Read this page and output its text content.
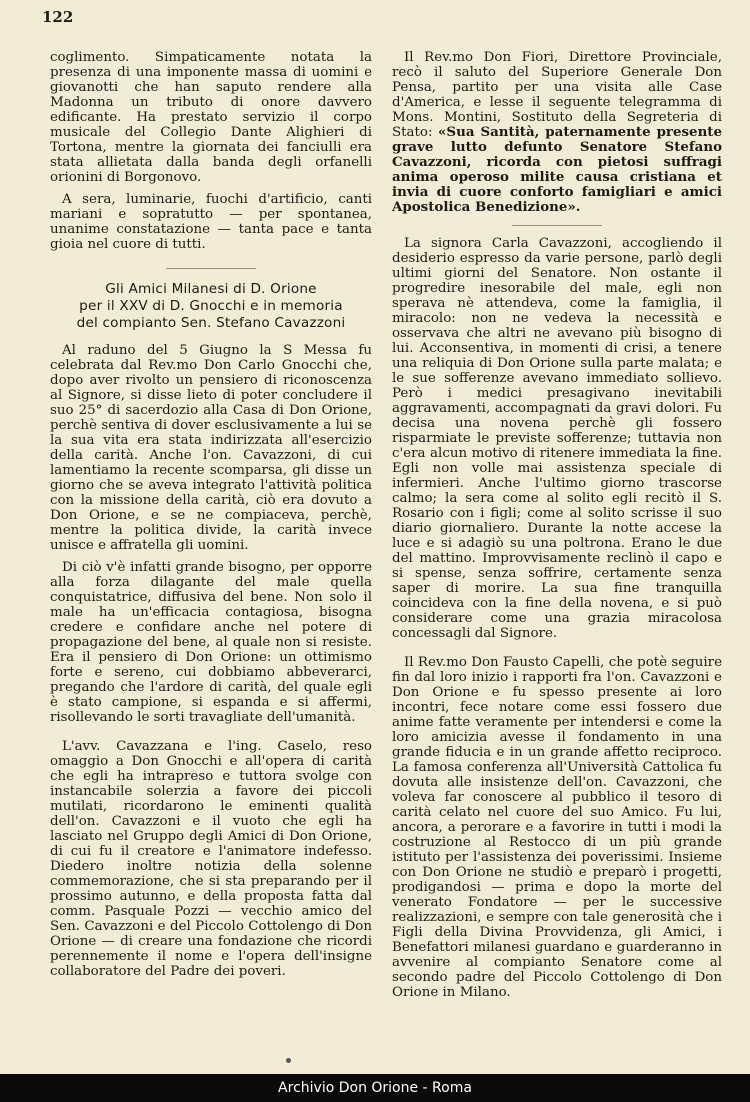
122

coglimento. Simpaticamente notata la presenza di una imponente massa di uomini e giovanotti che han saputo rendere alla Madonna un tributo di onore davvero edificante. Ha prestato servizio il corpo musicale del Collegio Dante Alighieri di Tortona, mentre la giornata dei fanciulli era stata allietata dalla banda degli orfanelli orionini di Borgonovo.

A sera, luminarie, fuochi d'artificio, canti mariani e sopratutto — per spontanea, unanime constatazione — tanta pace e tanta gioia nel cuore di tutti.

Gli Amici Milanesi di D. Orione
per il XXV di D. Gnocchi e in memoria
del compianto Sen. Stefano Cavazzoni

Al raduno del 5 Giugno la S Messa fu celebrata dal Rev.mo Don Carlo Gnocchi che, dopo aver rivolto un pensiero di riconoscenza al Signore, si disse lieto di poter concludere il suo 25° di sacerdozio alla Casa di Don Orione, perchè sentiva di dover esclusivamente a lui se la sua vita era stata indirizzata all'esercizio della carità. Anche l'on. Cavazzoni, di cui lamentiamo la recente scomparsa, gli disse un giorno che se aveva integrato l'attività politica con la missione della carità, ciò era dovuto a Don Orione, e se ne compiaceva, perchè, mentre la politica divide, la carità invece unisce e affratella gli uomini.

Di ciò v'è infatti grande bisogno, per opporre alla forza dilagante del male quella conquistatrice, diffusiva del bene. Non solo il male ha un'efficacia contagiosa, bisogna credere e confidare anche nel potere di propagazione del bene, al quale non si resiste. Era il pensiero di Don Orione: un ottimismo forte e sereno, cui dobbiamo abbeverarci, pregando che l'ardore di carità, del quale egli è stato campione, si espanda e si affermi, risollevando le sorti travagliate dell'umanità.

L'avv. Cavazzana e l'ing. Caselo, reso omaggio a Don Gnocchi e all'opera di carità che egli ha intrapreso e tuttora svolge con instancabile solerzia a favore dei piccoli mutilati, ricordarono le eminenti qualità dell'on. Cavazzoni e il vuoto che egli ha lasciato nel Gruppo degli Amici di Don Orione, di cui fu il creatore e l'animatore indefesso. Diedero inoltre notizia della solenne commemorazione, che si sta preparando per il prossimo autunno, e della proposta fatta dal comm. Pasquale Pozzi — vecchio amico del Sen. Cavazzoni e del Piccolo Cottolengo di Don Orione — di creare una fondazione che ricordi perennemente il nome e l'opera dell'insigne collaboratore del Padre dei poveri.

Il Rev.mo Don Fiori, Direttore Provinciale, recò il saluto del Superiore Generale Don Pensa, partito per una visita alle Case d'America, e lesse il seguente telegramma di Mons. Montini, Sostituto della Segreteria di Stato: «Sua Santità, paternamente presente grave lutto defunto Senatore Stefano Cavazzoni, ricorda con pietosi suffragi anima operoso milite causa cristiana et invia di cuore conforto famigliari e amici Apostolica Benedizione».

La signora Carla Cavazzoni, accogliendo il desiderio espresso da varie persone, parlò degli ultimi giorni del Senatore. Non ostante il progredire inesorabile del male, egli non sperava nè attendeva, come la famiglia, il miracolo: non ne vedeva la necessità e osservava che altri ne avevano più bisogno di lui. Acconsentiva, in momenti di crisi, a tenere una reliquia di Don Orione sulla parte malata; e le sue sofferenze avevano immediato sollievo. Però i medici presagivano inevitabili aggravamenti, accompagnati da gravi dolori. Fu decisa una novena perchè gli fossero risparmiate le previste sofferenze; tuttavia non c'era alcun motivo di ritenere immediata la fine. Egli non volle mai assistenza speciale di infermieri. Anche l'ultimo giorno trascorse calmo; la sera come al solito egli recitò il S. Rosario con i figli; come al solito scrisse il suo diario giornaliero. Durante la notte accese la luce e si adagiò su una poltrona. Erano le due del mattino. Improvvisamente reclinò il capo e si spense, senza soffrire, certamente senza saper di morire. La sua fine tranquilla coincideva con la fine della novena, e si può considerare come una grazia miracolosa concessagli dal Signore.

Il Rev.mo Don Fausto Capelli, che potè seguire fin dal loro inizio i rapporti fra l'on. Cavazzoni e Don Orione e fu spesso presente ai loro incontri, fece notare come essi fossero due anime fatte veramente per intendersi e come la loro amicizia avesse il fondamento in una grande fiducia e in un grande affetto reciproco. La famosa conferenza all'Università Cattolica fu dovuta alle insistenze dell'on. Cavazzoni, che voleva far conoscere al pubblico il tesoro di carità celato nel cuore del suo Amico. Fu lui, ancora, a perorare e a favorire in tutti i modi la costruzione al Restocco di un più grande istituto per l'assistenza dei poverissimi. Insieme con Don Orione ne studiò e preparò i progetti, prodigandosi — prima e dopo la morte del venerato Fondatore — per le successive realizzazioni, e sempre con tale generosità che i Figli della Divina Provvidenza, gli Amici, i Benefattori milanesi guardano e guarderanno in avvenire al compianto Senatore come al secondo padre del Piccolo Cottolengo di Don Orione in Milano.

Archivio Don Orione - Roma
